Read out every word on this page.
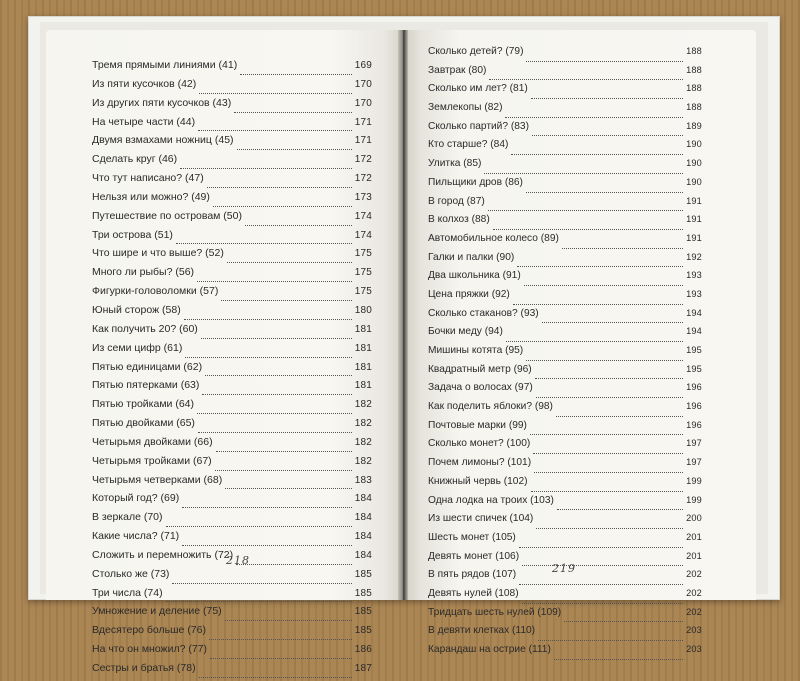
Тремя прямыми линиями (41)	169
Из пяти кусочков (42)	170
Из других пяти кусочков (43)	170
На четыре части (44)	171
Двумя взмахами ножниц (45)	171
Сделать круг (46)	172
Что тут написано? (47)	172
Нельзя или можно? (49)	173
Путешествие по островам (50)	174
Три острова (51)	174
Что шире и что выше? (52)	175
Много ли рыбы? (56)	175
Фигурки-головоломки (57)	175
Юный сторож (58)	180
Как получить 20? (60)	181
Из семи цифр (61)	181
Пятью единицами (62)	181
Пятью пятерками (63)	181
Пятью тройками (64)	182
Пятью двойками (65)	182
Четырьмя двойками (66)	182
Четырьмя тройками (67)	182
Четырьмя четверками (68)	183
Который год? (69)	184
В зеркале (70)	184
Какие числа? (71)	184
Сложить и перемножить (72)	184
Столько же (73)	185
Три числа (74)	185
Умножение и деление (75)	185
Вдесятеро больше (76)	185
На что он множил? (77)	186
Сестры и братья (78)	187
Сколько детей? (79)	188
Завтрак (80)	188
Сколько им лет? (81)	188
Землекопы (82)	188
Сколько партий? (83)	189
Кто старше? (84)	190
Улитка (85)	190
Пильщики дров (86)	190
В город (87)	191
В колхоз (88)	191
Автомобильное колесо (89)	191
Галки и палки (90)	192
Два школьника (91)	193
Цена пряжки (92)	193
Сколько стаканов? (93)	194
Бочки меду (94)	194
Мишины котята (95)	195
Квадратный метр (96)	195
Задача о волосах (97)	196
Как поделить яблоки? (98)	196
Почтовые марки (99)	196
Сколько монет? (100)	197
Почем лимоны? (101)	197
Книжный червь (102)	199
Одна лодка на троих (103)	199
Из шести спичек (104)	200
Шесть монет (105)	201
Девять монет (106)	201
В пять рядов (107)	202
Девять нулей (108)	202
Тридцать шесть нулей (109)	202
В девяти клетках (110)	203
Карандаш на острие (111)	203
218
219
